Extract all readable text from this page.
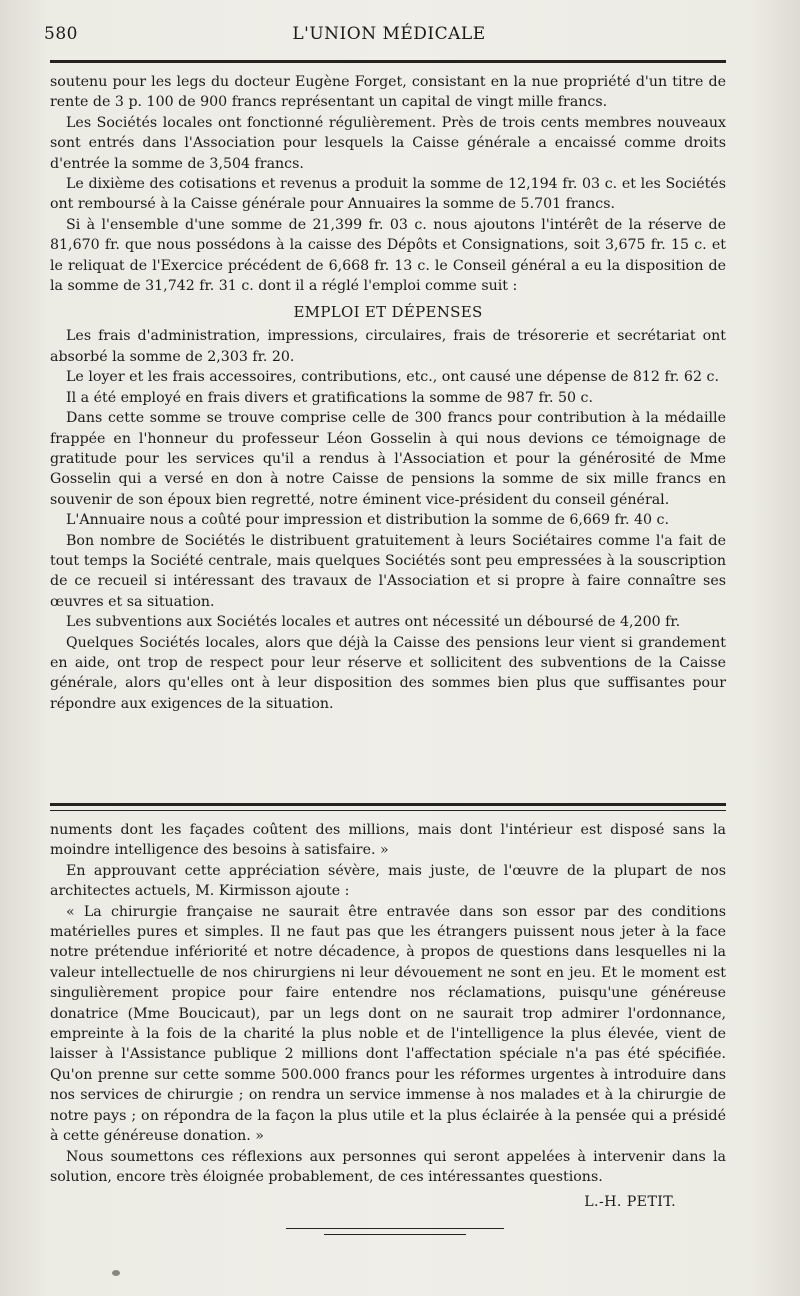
580	L'UNION MÉDICALE

soutenu pour les legs du docteur Eugène Forget, consistant en la nue propriété d'un titre de rente de 3 p. 100 de 900 francs représentant un capital de vingt mille francs.

Les Sociétés locales ont fonctionné régulièrement. Près de trois cents membres nouveaux sont entrés dans l'Association pour lesquels la Caisse générale a encaissé comme droits d'entrée la somme de 3,504 francs.

Le dixième des cotisations et revenus a produit la somme de 12,194 fr. 03 c. et les Sociétés ont remboursé à la Caisse générale pour Annuaires la somme de 5.701 francs.

Si à l'ensemble d'une somme de 21,399 fr. 03 c. nous ajoutons l'intérêt de la réserve de 81,670 fr. que nous possédons à la caisse des Dépôts et Consignations, soit 3,675 fr. 15 c. et le reliquat de l'Exercice précédent de 6,668 fr. 13 c. le Conseil général a eu la disposition de la somme de 31,742 fr. 31 c. dont il a réglé l'emploi comme suit :

EMPLOI ET DÉPENSES

Les frais d'administration, impressions, circulaires, frais de trésorerie et secrétariat ont absorbé la somme de 2,303 fr. 20.

Le loyer et les frais accessoires, contributions, etc., ont causé une dépense de 812 fr. 62 c.

Il a été employé en frais divers et gratifications la somme de 987 fr. 50 c.

Dans cette somme se trouve comprise celle de 300 francs pour contribution à la médaille frappée en l'honneur du professeur Léon Gosselin à qui nous devions ce témoignage de gratitude pour les services qu'il a rendus à l'Association et pour la générosité de Mme Gosselin qui a versé en don à notre Caisse de pensions la somme de six mille francs en souvenir de son époux bien regretté, notre éminent vice-président du conseil général.

L'Annuaire nous a coûté pour impression et distribution la somme de 6,669 fr. 40 c.

Bon nombre de Sociétés le distribuent gratuitement à leurs Sociétaires comme l'a fait de tout temps la Société centrale, mais quelques Sociétés sont peu empressées à la souscription de ce recueil si intéressant des travaux de l'Association et si propre à faire connaître ses œuvres et sa situation.

Les subventions aux Sociétés locales et autres ont nécessité un déboursé de 4,200 fr.

Quelques Sociétés locales, alors que déjà la Caisse des pensions leur vient si grandement en aide, ont trop de respect pour leur réserve et sollicitent des subventions de la Caisse générale, alors qu'elles ont à leur disposition des sommes bien plus que suffisantes pour répondre aux exigences de la situation.

numents dont les façades coûtent des millions, mais dont l'intérieur est disposé sans la moindre intelligence des besoins à satisfaire. »

En approuvant cette appréciation sévère, mais juste, de l'œuvre de la plupart de nos architectes actuels, M. Kirmisson ajoute :

« La chirurgie française ne saurait être entravée dans son essor par des conditions matérielles pures et simples. Il ne faut pas que les étrangers puissent nous jeter à la face notre prétendue infériorité et notre décadence, à propos de questions dans lesquelles ni la valeur intellectuelle de nos chirurgiens ni leur dévouement ne sont en jeu. Et le moment est singulièrement propice pour faire entendre nos réclamations, puisqu'une généreuse donatrice (Mme Boucicaut), par un legs dont on ne saurait trop admirer l'ordonnance, empreinte à la fois de la charité la plus noble et de l'intelligence la plus élevée, vient de laisser à l'Assistance publique 2 millions dont l'affectation spéciale n'a pas été spécifiée. Qu'on prenne sur cette somme 500.000 francs pour les réformes urgentes à introduire dans nos services de chirurgie ; on rendra un service immense à nos malades et à la chirurgie de notre pays ; on répondra de la façon la plus utile et la plus éclairée à la pensée qui a présidé à cette généreuse donation. »

Nous soumettons ces réflexions aux personnes qui seront appelées à intervenir dans la solution, encore très éloignée probablement, de ces intéressantes questions.

L.-H. PETIT.
